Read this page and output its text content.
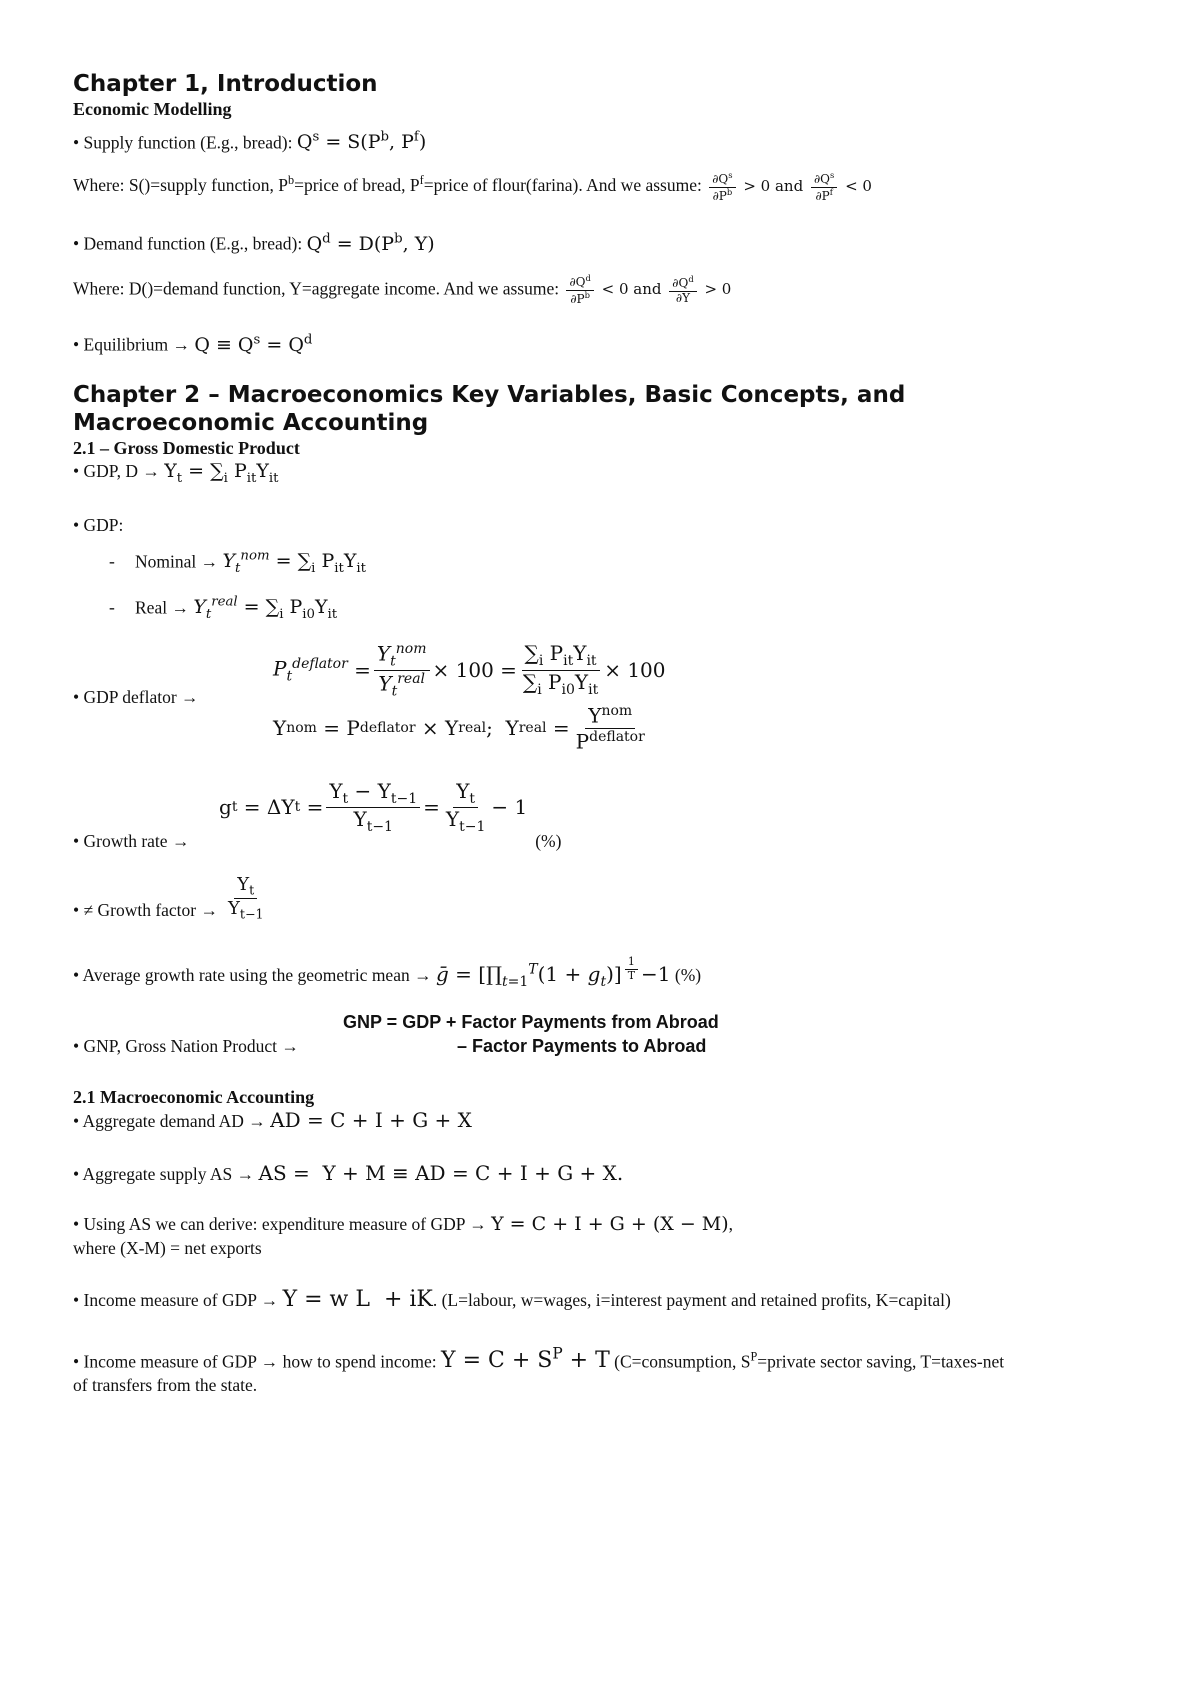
Chapter 1, Introduction
Economic Modelling
• Supply function (E.g., bread): $Q^s = S(P^b$, $P^f$)
Where: S()=supply function, $P^b=price$ of bread, $P^f=price$ of flour(farina). And we assume: $\frac{\partial Q^s}{\partial P^b} > 0$ and $\frac{\partial Q^s}{\partial P^f} < 0$
• Demand function (E.g., bread): $Q^d = D(P^b$, Y)
Where: D()=demand function, Y=aggregate income. And we assume: $\frac{\partial Q^d}{\partial P^b} < 0$ and $\frac{\partial Q^d}{\partial Y} > 0$
• Equilibrium → $Q \equiv Q^s = Q^d$
Chapter 2 – Macroeconomics Key Variables, Basic Concepts, and
Macroeconomic Accounting
2.1 – Gross Domestic Product
• GDP, $D \to Y_t = \sum_i$ $P_{it}Y_{it}$
• GDP:
- Nominal → $Y_t^{nom} = \sum_i$ $P_{it}Y_{it}$
- Real → $Y_t^{real} = \sum_i$ $P_{i0}Y_{it}$
• GDP deflator →
$P_t^{deflator} = \frac{Y_t^{nom}}{Y_t^{real}} \times 100 = \frac{\sum_i P_{it}Y_{it}}{\sum_i P_{i0}Y_{it}} \times 100$
Y nom = P deflator × Y real ;  Y real = $\frac{Y^{nom}}{P^{deflator}}$
• Growth rate →
g t = ΔY $t = \frac{Y_t - Y_{t-1}}{Y_{t-1}} = \frac{Y_t}{Y_{t-1}} - 1$
(%)
• ≠ Growth factor → $\frac{Y_t}{Y_{t-1}}$
• Average growth rate using the geometric mean → ḡ = $[\prod_{t=1}^T(1 + g_t)]$ $^{\frac{1}{T}}$ −1 (%)
• GNP, Gross Nation Product →
GNP = GDP + Factor Payments from Abroad
– Factor Payments to Abroad
2.1 Macroeconomic Accounting
• Aggregate demand AD → AD = C + I + G + X
• Aggregate supply AS → AS =  Y + M ≡ AD = C + I + G + X.
• Using AS we can derive: expenditure measure of GDP → Y = C + I + G + (X − M),
where (X-M) = net exports
• Income measure of GDP → Y = w L  + iK. (L=labour, w=wages, i=interest payment and retained profits, K=capital)
• Income measure of GDP → how to spend income: $Y = C + S^P + T$ (C=consumption, $S^P=private$ sector saving, T=taxes-net
of transfers from the state.
